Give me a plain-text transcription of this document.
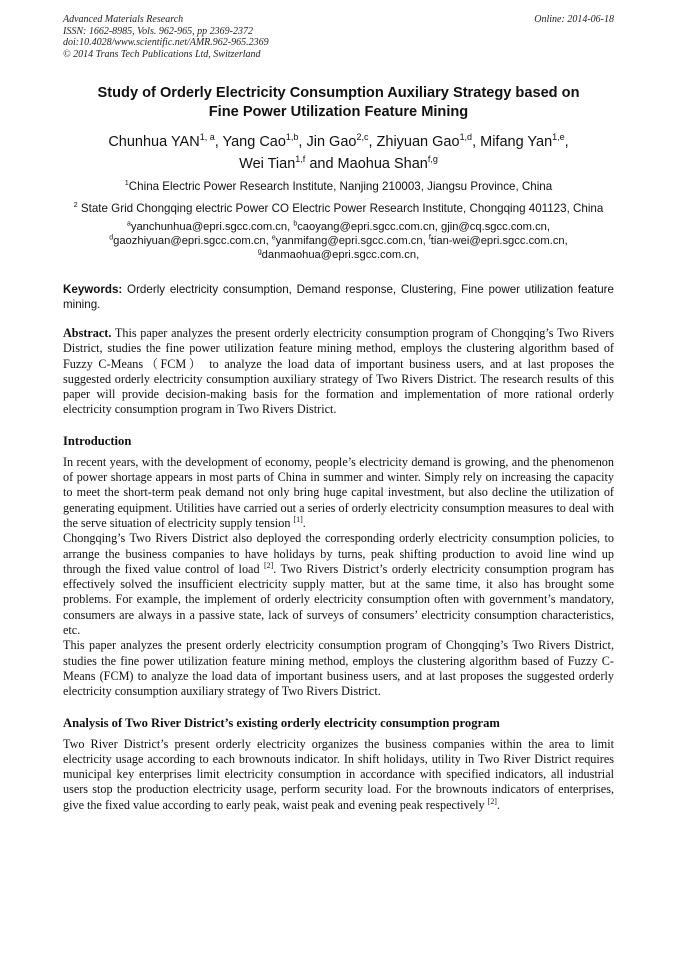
Advanced Materials Research
ISSN: 1662-8985, Vols. 962-965, pp 2369-2372
doi:10.4028/www.scientific.net/AMR.962-965.2369
© 2014 Trans Tech Publications Ltd, Switzerland
Online: 2014-06-18
Study of Orderly Electricity Consumption Auxiliary Strategy based on
Fine Power Utilization Feature Mining
Chunhua YAN$^{1, a}$, Yang Cao$^{1,b}$, Jin Gao$^{2,c}$, Zhiyuan Gao$^{1,d}$, Mifang Yan$^{1,e}$,
Wei Tian$^{1,f}$ and Maohua Shan$^{f,g}$
$^1$China Electric Power Research Institute, Nanjing 210003, Jiangsu Province, China
$^2$ State Grid Chongqing electric Power CO Electric Power Research Institute, Chongqing 401123, China
$^a$yanchunhua@epri.sgcc.com.cn, $^b$caoyang@epri.sgcc.com.cn, gjin@cq.sgcc.com.cn,
$^d$gaozhiyuan@epri.sgcc.com.cn, $^e$yanmifang@epri.sgcc.com.cn, $^f$tian-wei@epri.sgcc.com.cn,
$^g$danmaohua@epri.sgcc.com.cn,
Keywords: Orderly electricity consumption, Demand response, Clustering, Fine power utilization feature mining.

Abstract. This paper analyzes the present orderly electricity consumption program of Chongqing’s Two Rivers District, studies the fine power utilization feature mining method, employs the clustering algorithm based of Fuzzy C-Means（FCM） to analyze the load data of important business users, and at last proposes the suggested orderly electricity consumption auxiliary strategy of Two Rivers District. The research results of this paper will provide decision-making basis for the formation and implementation of more rational orderly electricity consumption program in Two Rivers District.

Introduction

In recent years, with the development of economy, people’s electricity demand is growing, and the phenomenon of power shortage appears in most parts of China in summer and winter. Simply rely on increasing the capacity to meet the short-term peak demand not only bring huge capital investment, but also decline the utilization of generating equipment. Utilities have carried out a series of orderly electricity consumption measures to deal with the serve situation of electricity supply tension [1].

Chongqing’s Two Rivers District also deployed the corresponding orderly electricity consumption policies, to arrange the business companies to have holidays by turns, peak shifting production to avoid line wind up through the fixed value control of load [2]. Two Rivers District’s orderly electricity consumption program has effectively solved the insufficient electricity supply matter, but at the same time, it also has brought some problems. For example, the implement of orderly electricity consumption often with government’s mandatory, consumers are always in a passive state, lack of surveys of consumers’ electricity consumption characteristics, etc.

This paper analyzes the present orderly electricity consumption program of Chongqing’s Two Rivers District, studies the fine power utilization feature mining method, employs the clustering algorithm based of Fuzzy C-Means (FCM) to analyze the load data of important business users, and at last proposes the suggested orderly electricity consumption auxiliary strategy of Two Rivers District.

Analysis of Two River District’s existing orderly electricity consumption program

Two River District’s present orderly electricity organizes the business companies within the area to limit electricity usage according to each brownouts indicator. In shift holidays, utility in Two River District requires municipal key enterprises limit electricity consumption in accordance with specified indicators, all industrial users stop the production electricity usage, perform security load. For the brownouts indicators of enterprises, give the fixed value according to early peak, waist peak and evening peak respectively [2].
